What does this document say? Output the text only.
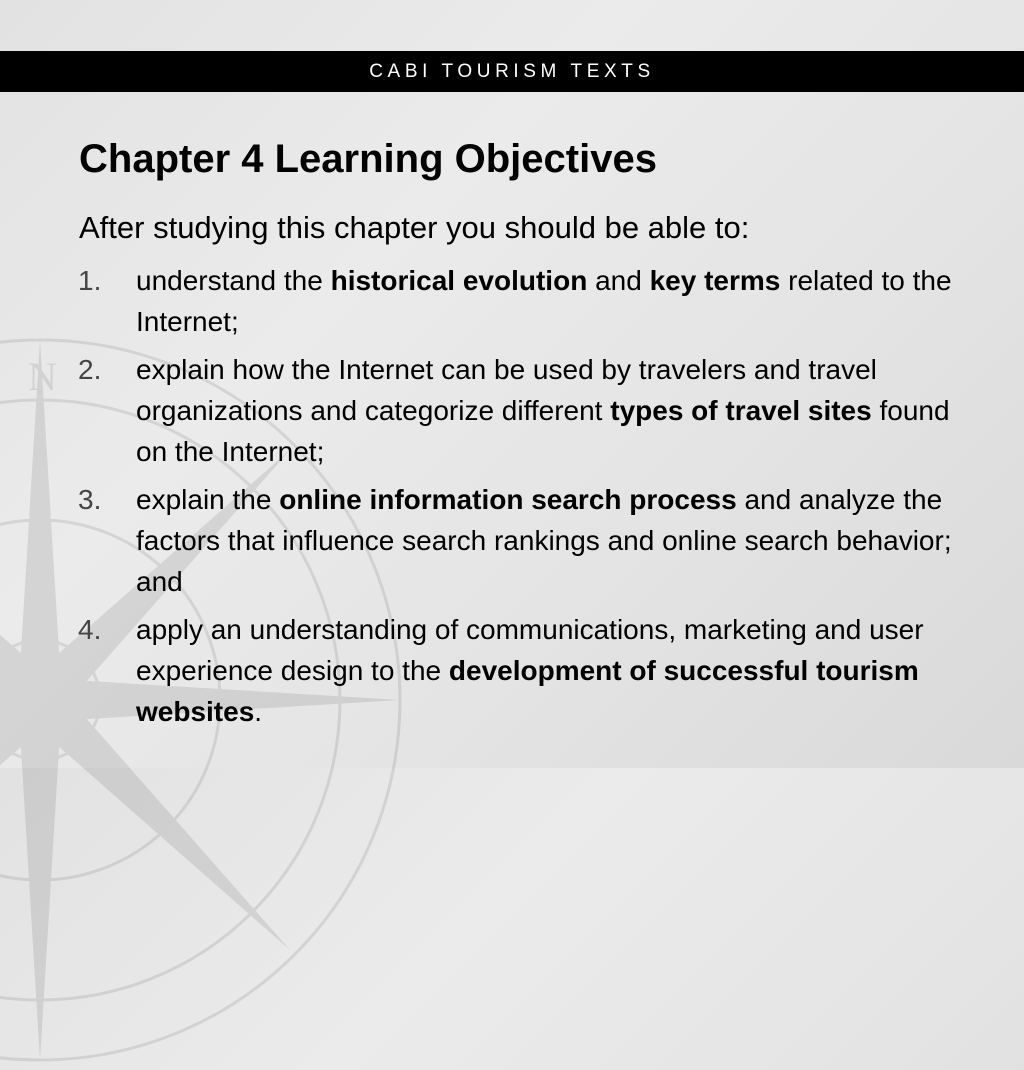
N
CABI TOURISM TEXTS
Chapter 4 Learning Objectives

After studying this chapter you should be able to:

1. understand the historical evolution and key terms related to the Internet;
2. explain how the Internet can be used by travelers and travel organizations and categorize different types of travel sites found on the Internet;
3. explain the online information search process and analyze the factors that influence search rankings and online search behavior; and
4. apply an understanding of communications, marketing and user experience design to the development of successful tourism websites.
